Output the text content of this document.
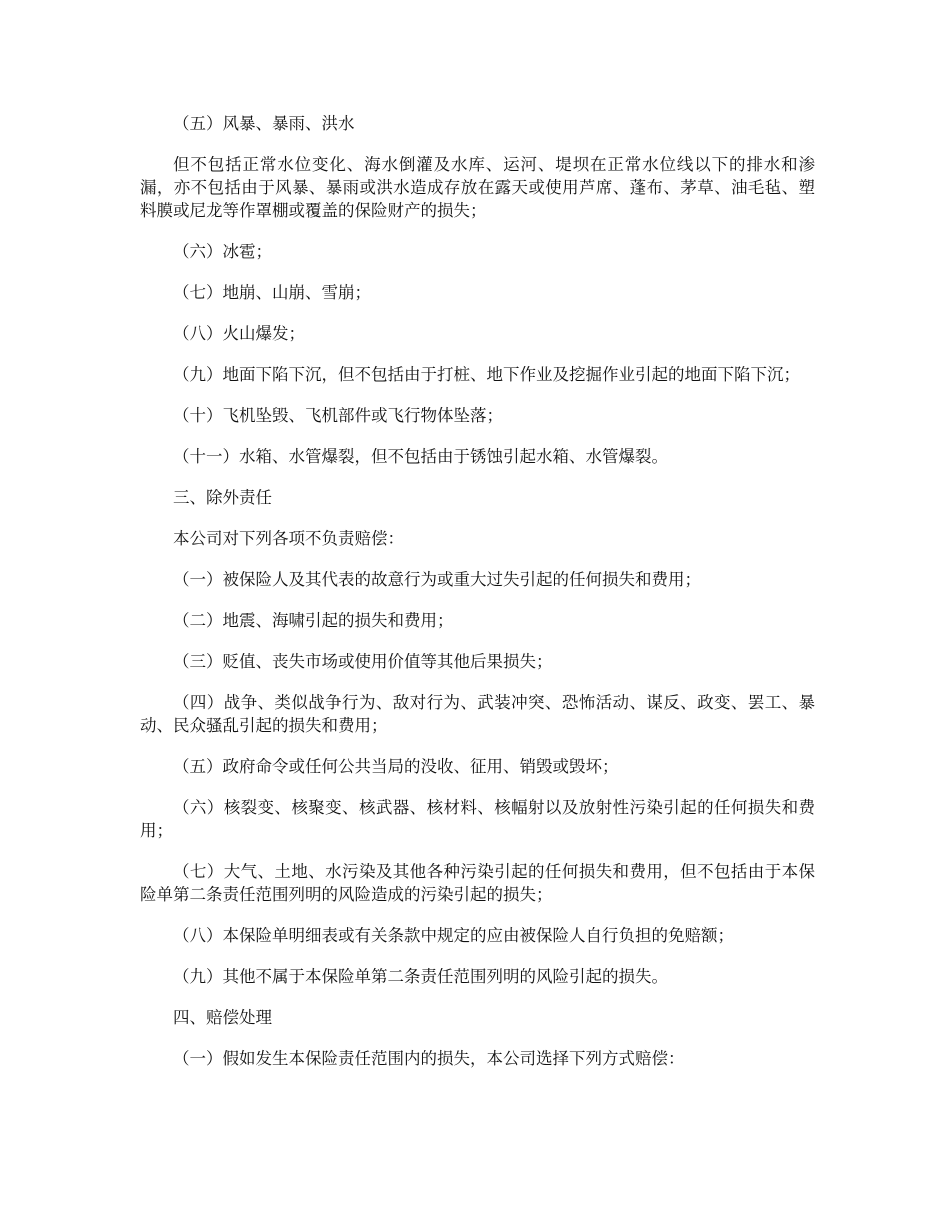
（五）风暴、暴雨、洪水

但不包括正常水位变化、海水倒灌及水库、运河、堤坝在正常水位线以下的排水和渗漏，亦不包括由于风暴、暴雨或洪水造成存放在露天或使用芦席、蓬布、茅草、油毛毡、塑料膜或尼龙等作罩棚或覆盖的保险财产的损失；

（六）冰雹；

（七）地崩、山崩、雪崩；

（八）火山爆发；

（九）地面下陷下沉，但不包括由于打桩、地下作业及挖掘作业引起的地面下陷下沉；

（十）飞机坠毁、飞机部件或飞行物体坠落；

（十一）水箱、水管爆裂，但不包括由于锈蚀引起水箱、水管爆裂。

三、除外责任

本公司对下列各项不负责赔偿：

（一）被保险人及其代表的故意行为或重大过失引起的任何损失和费用；

（二）地震、海啸引起的损失和费用；

（三）贬值、丧失市场或使用价值等其他后果损失；

（四）战争、类似战争行为、敌对行为、武装冲突、恐怖活动、谋反、政变、罢工、暴动、民众骚乱引起的损失和费用；

（五）政府命令或任何公共当局的没收、征用、销毁或毁坏；

（六）核裂变、核聚变、核武器、核材料、核幅射以及放射性污染引起的任何损失和费用；

（七）大气、土地、水污染及其他各种污染引起的任何损失和费用，但不包括由于本保险单第二条责任范围列明的风险造成的污染引起的损失；

（八）本保险单明细表或有关条款中规定的应由被保险人自行负担的免赔额；

（九）其他不属于本保险单第二条责任范围列明的风险引起的损失。

四、赔偿处理

（一）假如发生本保险责任范围内的损失，本公司选择下列方式赔偿：
